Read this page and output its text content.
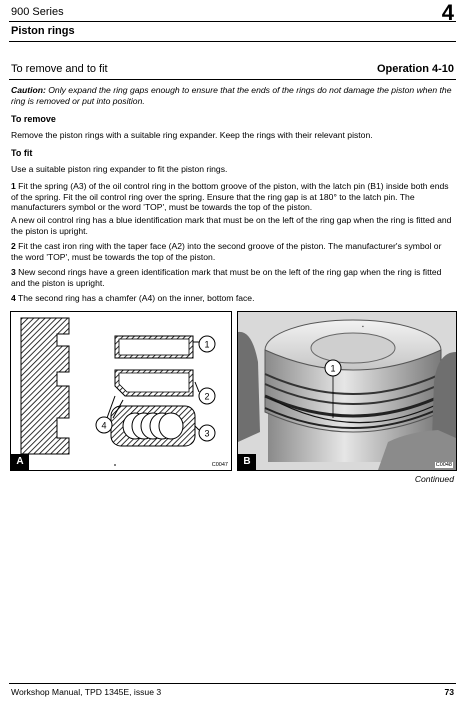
900 Series	4
Piston rings
To remove and to fit	Operation 4-10
Caution: Only expand the ring gaps enough to ensure that the ends of the rings do not damage the piston when the ring is removed or put into position.
To remove
Remove the piston rings with a suitable ring expander. Keep the rings with their relevant piston.
To fit
Use a suitable piston ring expander to fit the piston rings.
1 Fit the spring (A3) of the oil control ring in the bottom groove of the piston, with the latch pin (B1) inside both ends of the spring. Fit the oil control ring over the spring. Ensure that the ring gap is at 180° to the latch pin. The manufacturers symbol or the word 'TOP', must be towards the top of the piston.
A new oil control ring has a blue identification mark that must be on the left of the ring gap when the ring is fitted and the piston is upright.
2 Fit the cast iron ring with the taper face (A2) into the second groove of the piston. The manufacturer's symbol or the word 'TOP', must be towards the top of the piston.
3 New second rings have a green identification mark that must be on the left of the ring gap when the ring is fitted and the piston is upright.
4 The second ring has a chamfer (A4) on the inner, bottom face.
1
2
3
4
A	C0047
▪
1
B	C0048
Continued
Workshop Manual, TPD 1345E, issue 3	73
